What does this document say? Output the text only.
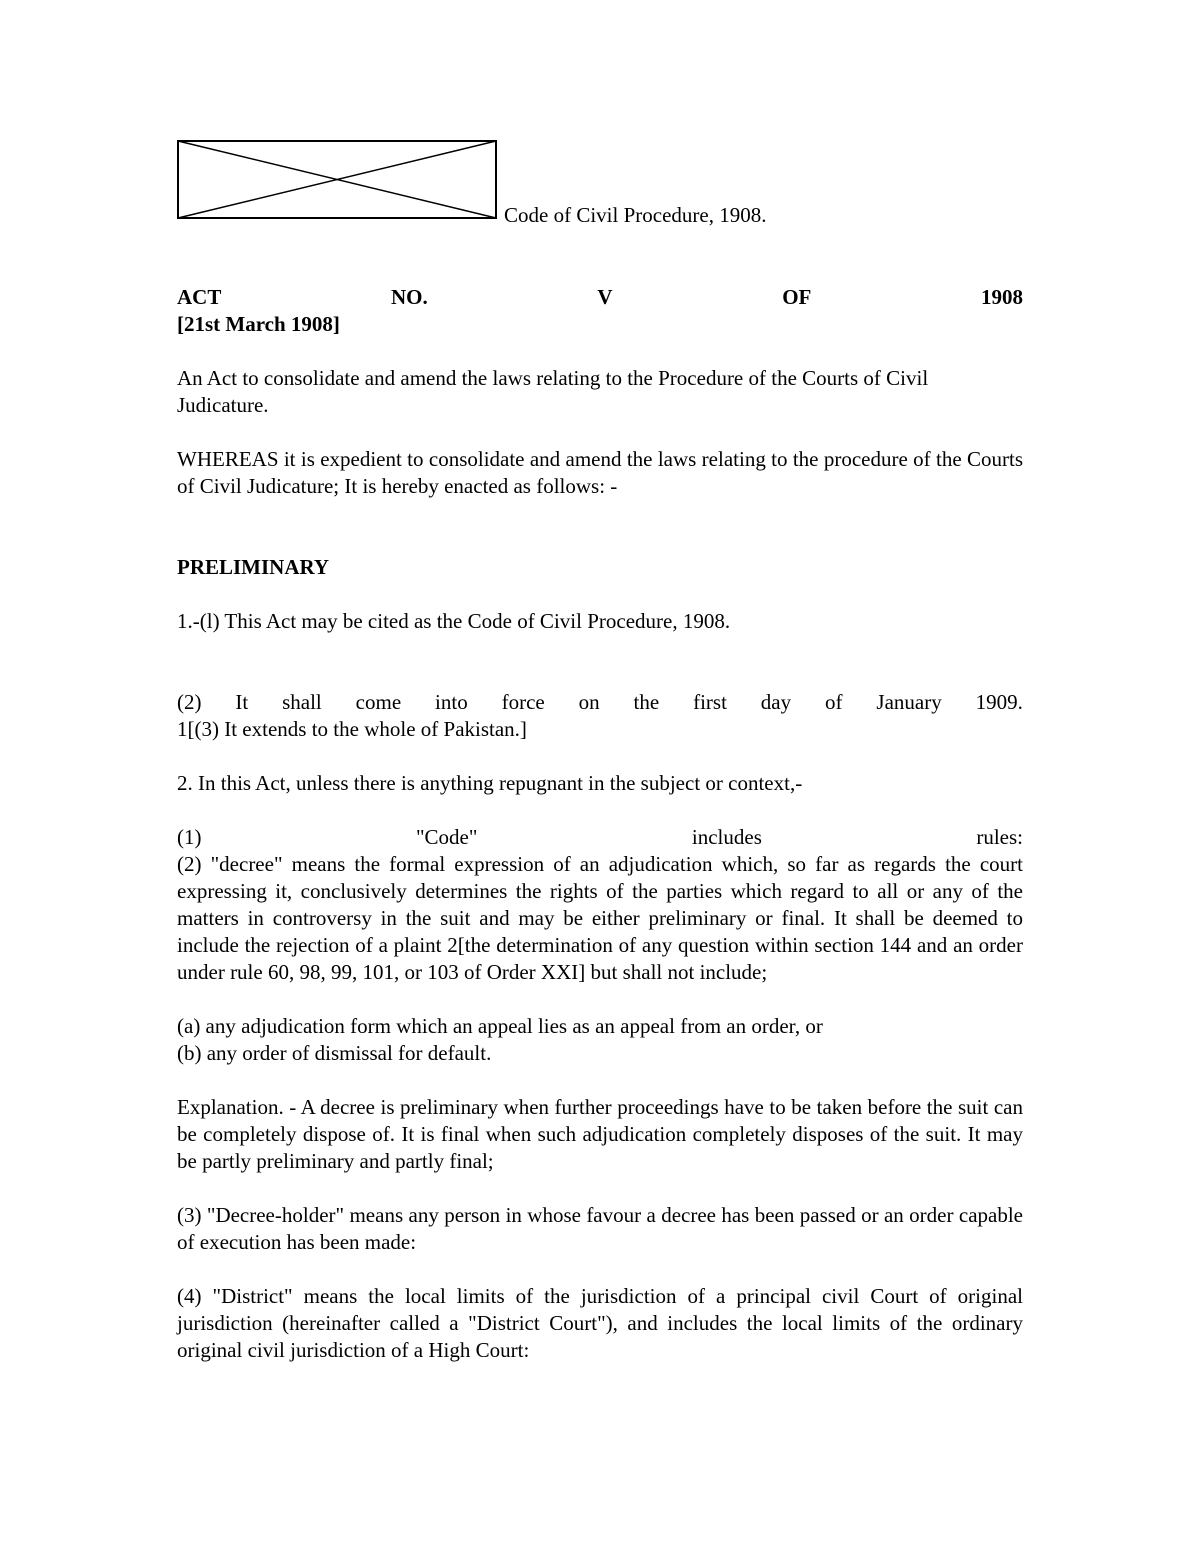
Code of Civil Procedure, 1908.
ACT	NO.	V	OF	1908

[21st March 1908]

An Act to consolidate and amend the laws relating to the Procedure of the Courts of Civil Judicature.

WHEREAS it is expedient to consolidate and amend the laws relating to the procedure of the Courts of Civil Judicature; It is hereby enacted as follows: -

PRELIMINARY

1.-(l) This Act may be cited as the Code of Civil Procedure, 1908.

(2) It shall come into force on the first day of January 1909.

1[(3) It extends to the whole of Pakistan.]

2. In this Act, unless there is anything repugnant in the subject or context,-

(1)	"Code"	includes	rules:

(2) "decree" means the formal expression of an adjudication which, so far as regards the court expressing it, conclusively determines the rights of the parties which regard to all or any of the matters in controversy in the suit and may be either preliminary or final. It shall be deemed to include the rejection of a plaint 2[the determination of any question within section 144 and an order under rule 60, 98, 99, 101, or 103 of Order XXI] but shall not include;

(a) any adjudication form which an appeal lies as an appeal from an order, or

(b) any order of dismissal for default.

Explanation. - A decree is preliminary when further proceedings have to be taken before the suit can be completely dispose of. It is final when such adjudication completely disposes of the suit. It may be partly preliminary and partly final;

(3) "Decree-holder" means any person in whose favour a decree has been passed or an order capable of execution has been made:

(4) "District" means the local limits of the jurisdiction of a principal civil Court of original jurisdiction (hereinafter called a "District Court"), and includes the local limits of the ordinary original civil jurisdiction of a High Court:
